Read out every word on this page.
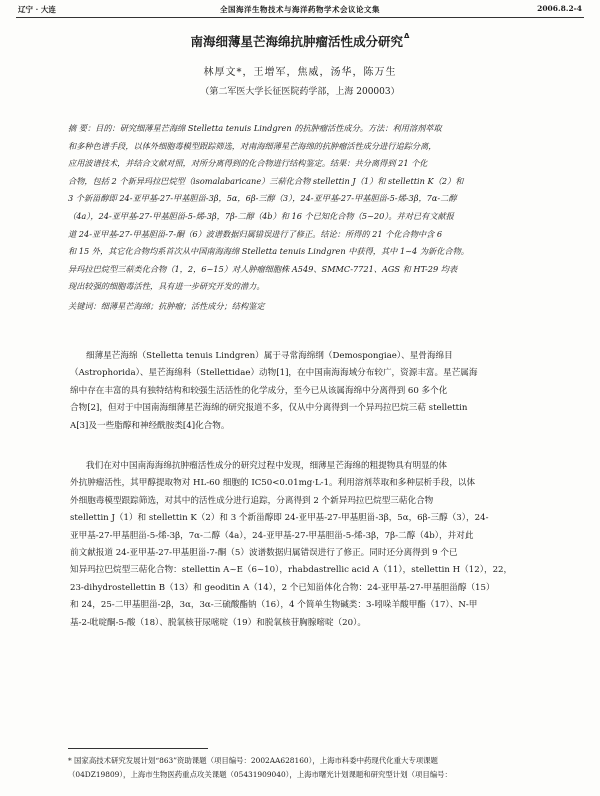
辽宁 · 大连	全国海洋生物技术与海洋药物学术会议论文集	2006.8.2-4
南海细薄星芒海绵抗肿瘤活性成分研究$^\Delta$
林厚文*，王增军，焦威，汤华，陈万生
（第二军医大学长征医院药学部，上海 200003）
摘 要：目的：研究细薄星芒海绵 Stelletta tenuis Lindgren 的抗肿瘤活性成分。方法：利用溶剂萃取
和多种色谱手段，以体外细胞毒模型跟踪筛选，对南海细薄星芒海绵的抗肿瘤活性成分进行追踪分离，
应用波谱技术，并结合文献对照，对所分离得到的化合物进行结构鉴定。结果：共分离得到 21 个化
合物，包括 2 个新异玛拉巴烷型（isomalabaricane）三萜化合物 stellettin J（1）和 stellettin K（2）和
3 个新甾醇即 24-亚甲基-27-甲基胆甾-3β，5α，6β-三醇（3），24-亚甲基-27-甲基胆甾-5-烯-3β，7α-二醇
（4a），24-亚甲基-27-甲基胆甾-5-烯-3β，7β-二醇（4b）和 16 个已知化合物（5~20）。并对已有文献报
道 24-亚甲基-27-甲基胆甾-7-酮（6）波谱数据归属错误进行了修正。结论：所得的 21 个化合物中含 6
和 15 外，其它化合物均系首次从中国南海海绵 Stelletta tenuis Lindgren 中获得，其中 1~4 为新化合物。
异玛拉巴烷型三萜类化合物（1，2，6~15）对人肿瘤细胞株 A549、SMMC-7721、AGS 和 HT-29 均表
现出较强的细胞毒活性，具有进一步研究开发的潜力。
关键词：细薄星芒海绵；抗肿瘤；活性成分；结构鉴定
细薄星芒海绵（Stelletta tenuis Lindgren）属于寻常海绵纲（Demospongiae）、星骨海绵目
（Astrophorida）、星芒海绵科（Stellettidae）动物[1]，在中国南海海域分布较广，资源丰富。星芒属海
绵中存在丰富的具有独特结构和较强生活活性的化学成分，至今已从该属海绵中分离得到 60 多个化
合物[2]，但对于中国南海细薄星芒海绵的研究报道不多，仅从中分离得到一个异玛拉巴烷三萜 stellettin
A[3]及一些脂醇和神经酰胺类[4]化合物。
我们在对中国南海海绵抗肿瘤活性成分的研究过程中发现，细薄星芒海绵的粗提物具有明显的体
外抗肿瘤活性，其甲醇提取物对 HL-60 细胞的 IC50<0.01mg·L-1。利用溶剂萃取和多种层析手段，以体
外细胞毒模型跟踪筛选，对其中的活性成分进行追踪，分离得到 2 个新异玛拉巴烷型三萜化合物
stellettin J（1）和 stellettin K（2）和 3 个新甾醇即 24-亚甲基-27-甲基胆甾-3β，5α，6β-三醇（3），24-
亚甲基-27-甲基胆甾-5-烯-3β，7α-二醇（4a），24-亚甲基-27-甲基胆甾-5-烯-3β，7β-二醇（4b），并对此
前文献报道 24-亚甲基-27-甲基胆甾-7-酮（5）波谱数据归属错误进行了修正。同时还分离得到 9 个已
知异玛拉巴烷型三萜化合物：stellettin A~E（6~10），rhabdastrellic acid A（11），stellettin H（12），22，
23-dihydrostellettin B（13）和 geoditin A（14），2 个已知甾体化合物：24-亚甲基-27-甲基胆甾醇（15）
和 24，25-二甲基胆甾-2β，3α，3α-三硫酸酯钠（16），4 个简单生物碱类：3-吲哚羊酸甲酯（17）、N-甲
基-2-吡啶酮-5-酸（18）、脱氧核苷尿嘧啶（19）和脱氧核苷胸腺嘧啶（20）。
* 国家高技术研究发展计划“863”资助课题（项目编号：2002AA628160），上海市科委中药现代化重大专项课题
（04DZ19809），上海市生物医药重点攻关课题（05431909040），上海市曙光计划课题和研究型计划（项目编号：
